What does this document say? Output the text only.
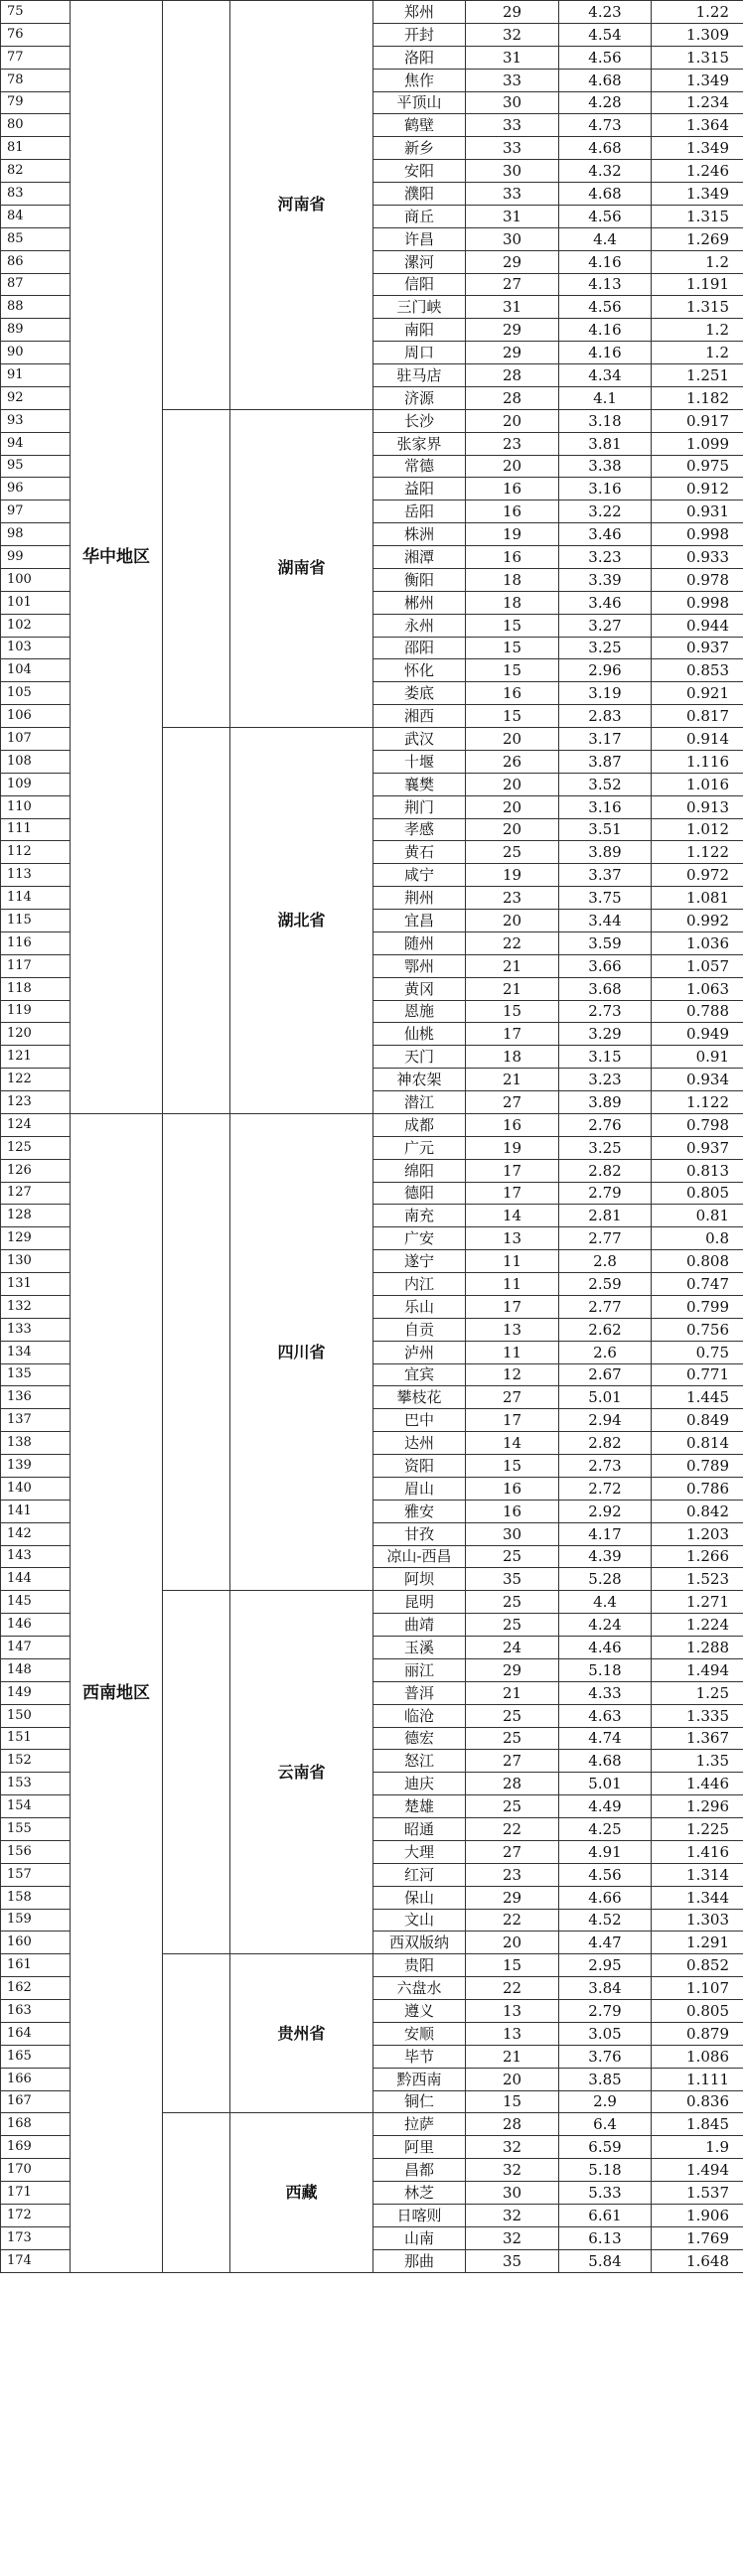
75	华中地区		河南省	郑州	29	4.23	1.22	
76				开封	32	4.54	1.309	
77				洛阳	31	4.56	1.315	
78				焦作	33	4.68	1.349	
79				平顶山	30	4.28	1.234	
80				鹤壁	33	4.73	1.364	
81				新乡	33	4.68	1.349	
82				安阳	30	4.32	1.246	
83				濮阳	33	4.68	1.349	
84				商丘	31	4.56	1.315	
85				许昌	30	4.4	1.269	
86				漯河	29	4.16	1.2	
87				信阳	27	4.13	1.191	
88				三门峡	31	4.56	1.315	
89				南阳	29	4.16	1.2	
90				周口	29	4.16	1.2	
91				驻马店	28	4.34	1.251	
92				济源	28	4.1	1.182	
93			湖南省	长沙	20	3.18	0.917	
94				张家界	23	3.81	1.099	
95				常德	20	3.38	0.975	
96				益阳	16	3.16	0.912	
97				岳阳	16	3.22	0.931	
98				株洲	19	3.46	0.998	
99				湘潭	16	3.23	0.933	
100				衡阳	18	3.39	0.978	
101				郴州	18	3.46	0.998	
102				永州	15	3.27	0.944	
103				邵阳	15	3.25	0.937	
104				怀化	15	2.96	0.853	
105				娄底	16	3.19	0.921	
106				湘西	15	2.83	0.817	
107			湖北省	武汉	20	3.17	0.914	
108				十堰	26	3.87	1.116	
109				襄樊	20	3.52	1.016	
110				荆门	20	3.16	0.913	
111				孝感	20	3.51	1.012	
112				黄石	25	3.89	1.122	
113				咸宁	19	3.37	0.972	
114				荆州	23	3.75	1.081	
115				宜昌	20	3.44	0.992	
116				随州	22	3.59	1.036	
117				鄂州	21	3.66	1.057	
118				黄冈	21	3.68	1.063	
119				恩施	15	2.73	0.788	
120				仙桃	17	3.29	0.949	
121				天门	18	3.15	0.91	
122				神农架	21	3.23	0.934	
123				潜江	27	3.89	1.122	
124	西南地区		四川省	成都	16	2.76	0.798	
125				广元	19	3.25	0.937	
126				绵阳	17	2.82	0.813	
127				德阳	17	2.79	0.805	
128				南充	14	2.81	0.81	
129				广安	13	2.77	0.8	
130				遂宁	11	2.8	0.808	
131				内江	11	2.59	0.747	
132				乐山	17	2.77	0.799	
133				自贡	13	2.62	0.756	
134				泸州	11	2.6	0.75	
135				宜宾	12	2.67	0.771	
136				攀枝花	27	5.01	1.445	
137				巴中	17	2.94	0.849	
138				达州	14	2.82	0.814	
139				资阳	15	2.73	0.789	
140				眉山	16	2.72	0.786	
141				雅安	16	2.92	0.842	
142				甘孜	30	4.17	1.203	
143				凉山-西昌	25	4.39	1.266	
144				阿坝	35	5.28	1.523	
145			云南省	昆明	25	4.4	1.271	
146				曲靖	25	4.24	1.224	
147				玉溪	24	4.46	1.288	
148				丽江	29	5.18	1.494	
149				普洱	21	4.33	1.25	
150				临沧	25	4.63	1.335	
151				德宏	25	4.74	1.367	
152				怒江	27	4.68	1.35	
153				迪庆	28	5.01	1.446	
154				楚雄	25	4.49	1.296	
155				昭通	22	4.25	1.225	
156				大理	27	4.91	1.416	
157				红河	23	4.56	1.314	
158				保山	29	4.66	1.344	
159				文山	22	4.52	1.303	
160				西双版纳	20	4.47	1.291	
161			贵州省	贵阳	15	2.95	0.852	
162				六盘水	22	3.84	1.107	
163				遵义	13	2.79	0.805	
164				安顺	13	3.05	0.879	
165				毕节	21	3.76	1.086	
166				黔西南	20	3.85	1.111	
167				铜仁	15	2.9	0.836	
168			西藏	拉萨	28	6.4	1.845	
169				阿里	32	6.59	1.9	
170				昌都	32	5.18	1.494	
171				林芝	30	5.33	1.537	
172				日喀则	32	6.61	1.906	
173				山南	32	6.13	1.769	
174				那曲	35	5.84	1.648	
